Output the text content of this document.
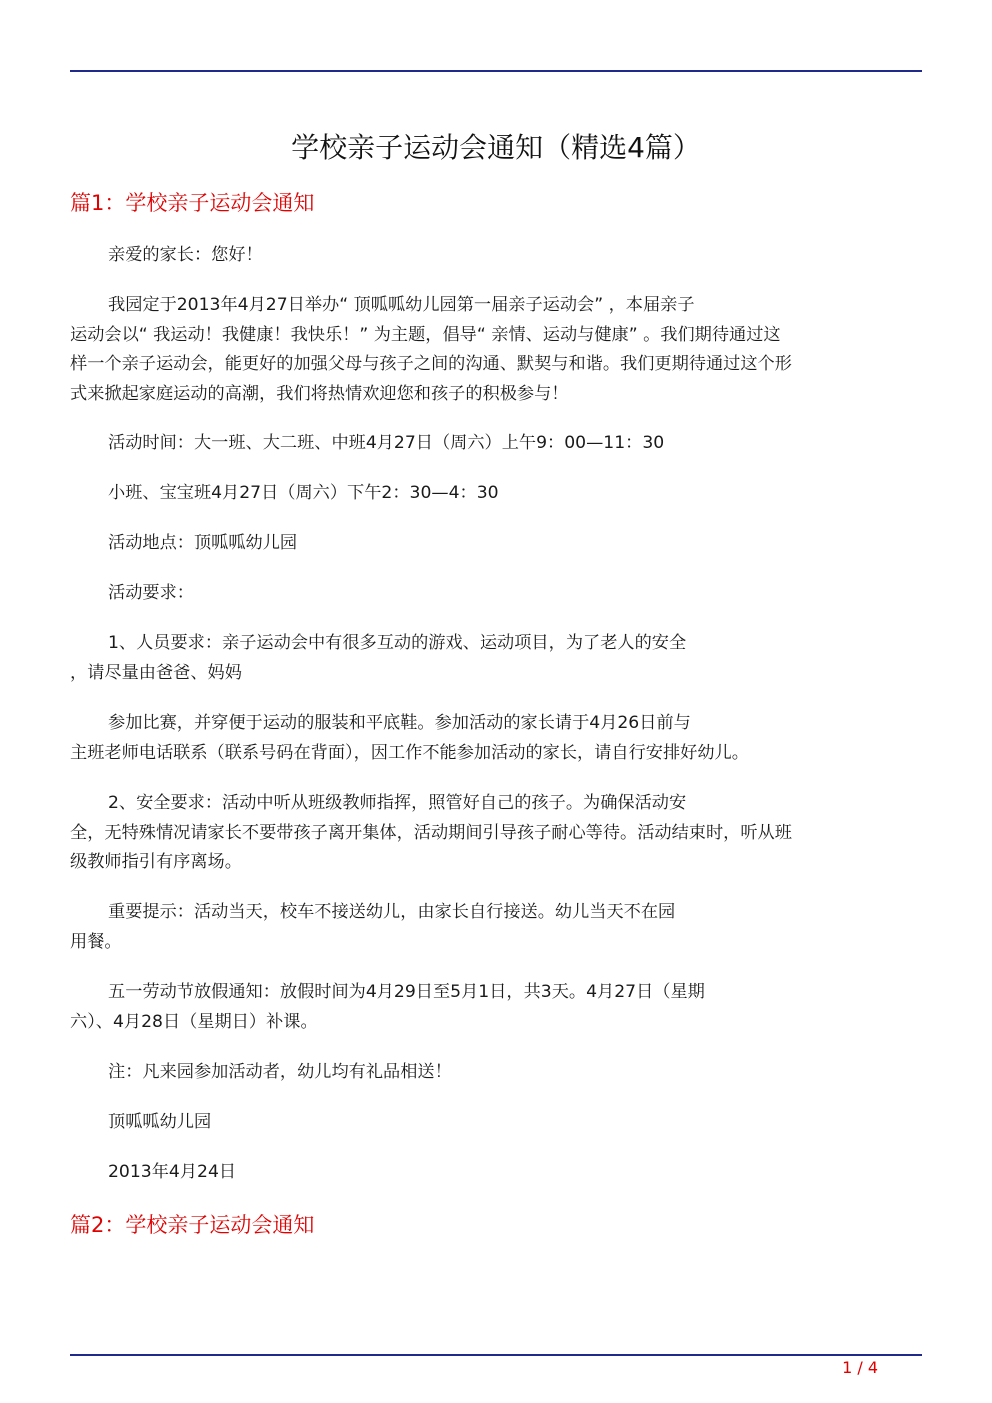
学校亲子运动会通知（精选4篇）
篇1：学校亲子运动会通知
亲爱的家长：您好！
我园定于2013年4月27日举办“ 顶呱呱幼儿园第一届亲子运动会” ，本届亲子
运动会以“ 我运动！我健康！我快乐！” 为主题，倡导“ 亲情、运动与健康” 。我们期待通过这
样一个亲子运动会，能更好的加强父母与孩子之间的沟通、默契与和谐。我们更期待通过这个形
式来掀起家庭运动的高潮，我们将热情欢迎您和孩子的积极参与！
活动时间：大一班、大二班、中班4月27日（周六）上午9：00—11：30
小班、宝宝班4月27日（周六）下午2：30—4：30
活动地点：顶呱呱幼儿园
活动要求：
1、人员要求：亲子运动会中有很多互动的游戏、运动项目，为了老人的安全
，请尽量由爸爸、妈妈
参加比赛，并穿便于运动的服装和平底鞋。参加活动的家长请于4月26日前与
主班老师电话联系（联系号码在背面），因工作不能参加活动的家长，请自行安排好幼儿。
2、安全要求：活动中听从班级教师指挥，照管好自己的孩子。为确保活动安
全，无特殊情况请家长不要带孩子离开集体，活动期间引导孩子耐心等待。活动结束时，听从班
级教师指引有序离场。
重要提示：活动当天，校车不接送幼儿，由家长自行接送。幼儿当天不在园
用餐。
五一劳动节放假通知：放假时间为4月29日至5月1日，共3天。4月27日（星期
六）、4月28日（星期日）补课。
注：凡来园参加活动者，幼儿均有礼品相送！
顶呱呱幼儿园
2013年4月24日
篇2：学校亲子运动会通知
1 / 4
